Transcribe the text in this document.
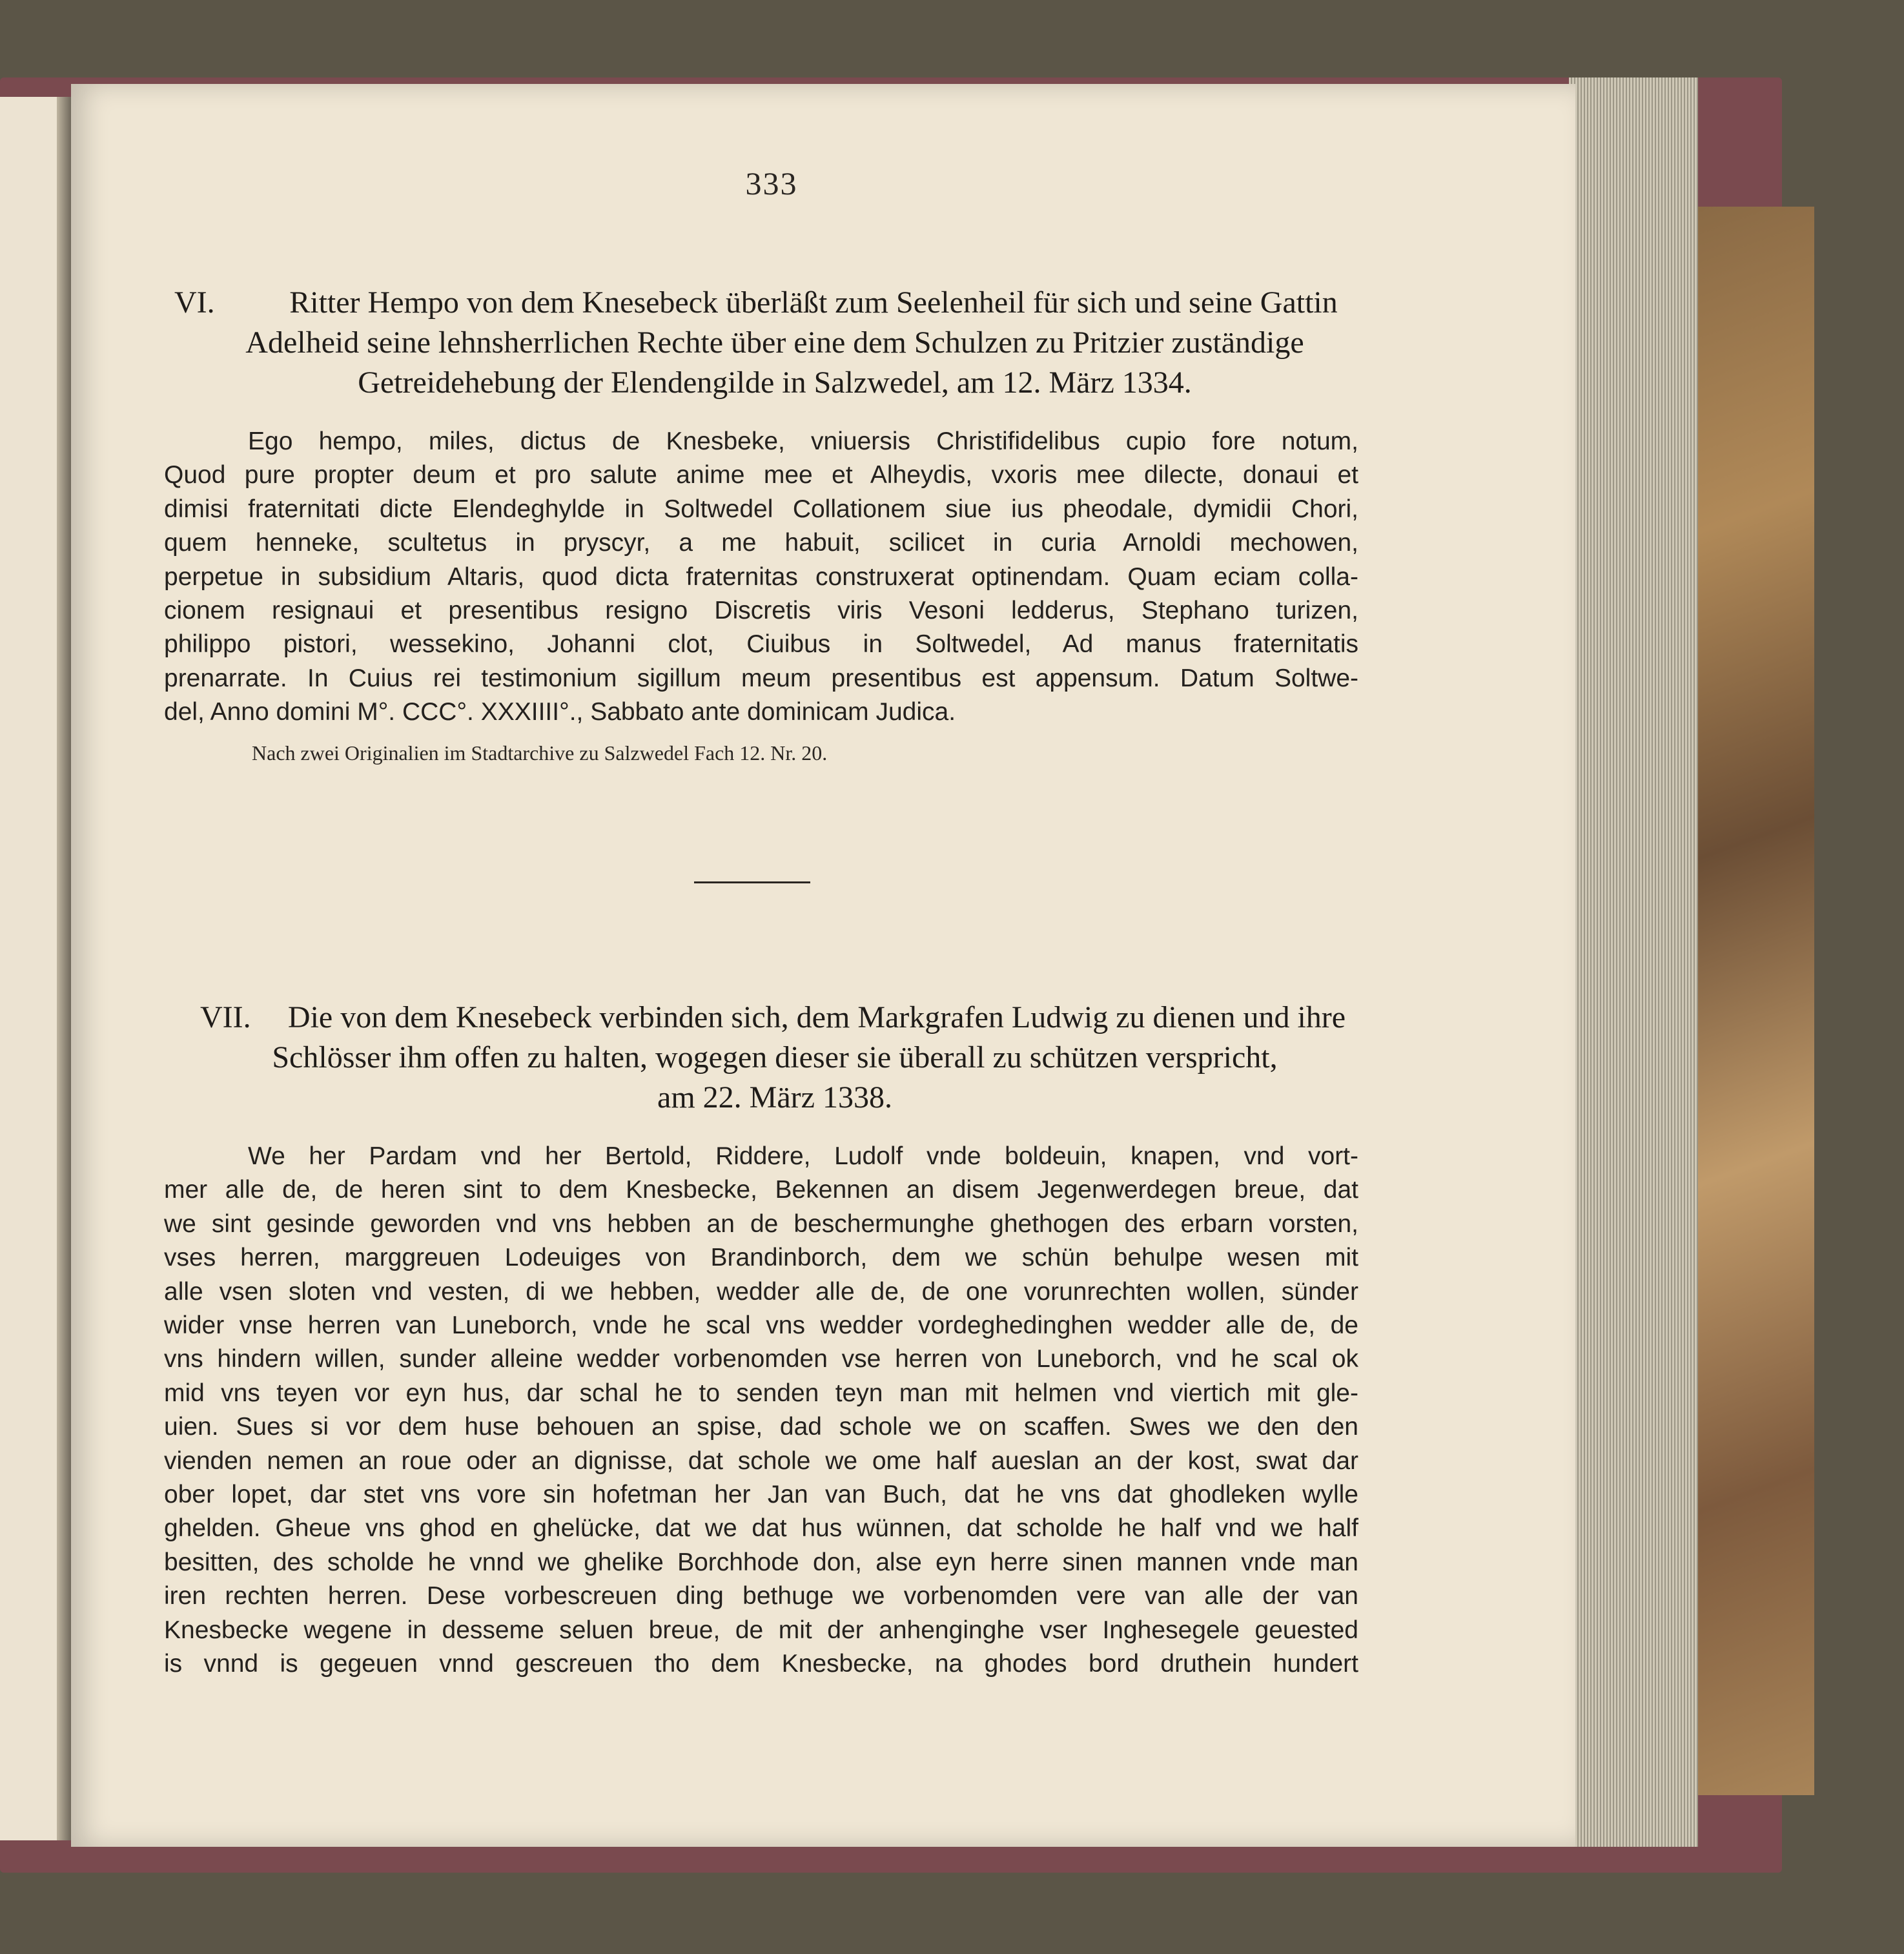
333
VI.	Ritter Hempo von dem Knesebeck überläßt zum Seelenheil für sich und seine Gattin
Adelheid seine lehnsherrlichen Rechte über eine dem Schulzen zu Pritzier zuständige
Getreidehebung der Elendengilde in Salzwedel, am 12. März 1334.
Ego hempo, miles, dictus de Knesbeke, vniuersis Christifidelibus cupio fore notum,
Quod pure propter deum et pro salute anime mee et Alheydis, vxoris mee dilecte, donaui et
dimisi fraternitati dicte Elendeghylde in Soltwedel Collationem siue ius pheodale, dymidii Chori,
quem henneke, scultetus in pryscyr, a me habuit, scilicet in curia Arnoldi mechowen,
perpetue in subsidium Altaris, quod dicta fraternitas construxerat optinendam. Quam eciam colla-
cionem resignaui et presentibus resigno Discretis viris Vesoni ledderus, Stephano turizen,
philippo pistori, wessekino, Johanni clot, Ciuibus in Soltwedel, Ad manus fraternitatis
prenarrate. In Cuius rei testimonium sigillum meum presentibus est appensum. Datum Soltwe-
del, Anno domini M°. CCC°. XXXIIII°., Sabbato ante dominicam Judica.
Nach zwei Originalien im Stadtarchive zu Salzwedel Fach 12. Nr. 20.
VII.	Die von dem Knesebeck verbinden sich, dem Markgrafen Ludwig zu dienen und ihre
Schlösser ihm offen zu halten, wogegen dieser sie überall zu schützen verspricht,
am 22. März 1338.
We her Pardam vnd her Bertold, Riddere, Ludolf vnde boldeuin, knapen, vnd vort-
mer alle de, de heren sint to dem Knesbecke, Bekennen an disem Jegenwerdegen breue, dat
we sint gesinde geworden vnd vns hebben an de beschermunghe ghethogen des erbarn vorsten,
vses herren, marggreuen Lodeuiges von Brandinborch, dem we schün behulpe wesen mit
alle vsen sloten vnd vesten, di we hebben, wedder alle de, de one vorunrechten wollen, sünder
wider vnse herren van Luneborch, vnde he scal vns wedder vordeghedinghen wedder alle de, de
vns hindern willen, sunder alleine wedder vorbenomden vse herren von Luneborch, vnd he scal ok
mid vns teyen vor eyn hus, dar schal he to senden teyn man mit helmen vnd viertich mit gle-
uien. Sues si vor dem huse behouen an spise, dad schole we on scaffen. Swes we den den
vienden nemen an roue oder an dignisse, dat schole we ome half aueslan an der kost, swat dar
ober lopet, dar stet vns vore sin hofetman her Jan van Buch, dat he vns dat ghodleken wylle
ghelden. Gheue vns ghod en ghelücke, dat we dat hus wünnen, dat scholde he half vnd we half
besitten, des scholde he vnnd we ghelike Borchhode don, alse eyn herre sinen mannen vnde man
iren rechten herren. Dese vorbescreuen ding bethuge we vorbenomden vere van alle der van
Knesbecke wegene in desseme seluen breue, de mit der anhenginghe vser Inghesegele geuested
is vnnd is gegeuen vnnd gescreuen tho dem Knesbecke, na ghodes bord druthein hundert
